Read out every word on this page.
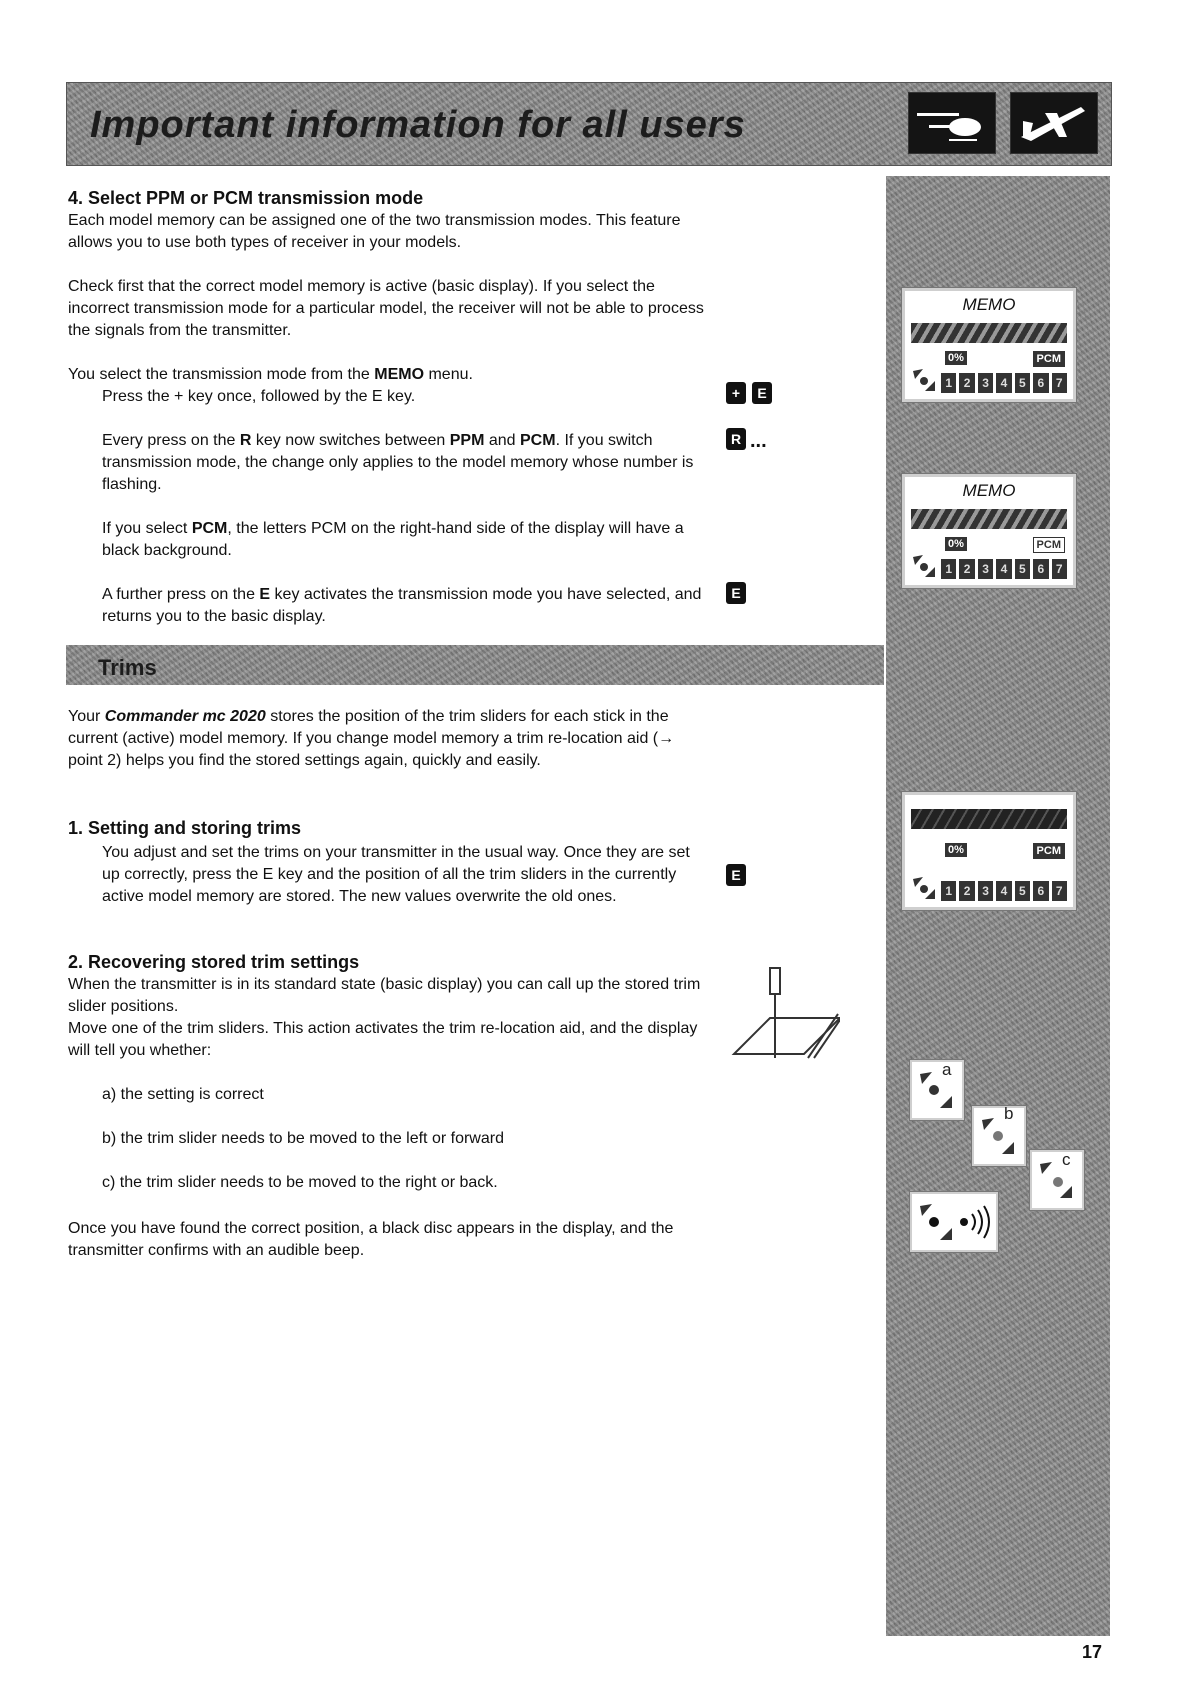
Important information for all users
4. Select PPM or PCM transmission mode

Each model memory can be assigned one of the two transmission modes. This feature allows you to use both types of receiver in your models.

Check first that the correct model memory is active (basic display). If you select the incorrect transmission mode for a particular model, the receiver will not be able to process the signals from the transmitter.

You select the transmission mode from the MEMO menu.

Press the + key once, followed by the E key.

Every press on the R key now switches between PPM and PCM. If you switch transmission mode, the change only applies to the model memory whose number is flashing.

If you select PCM, the letters PCM on the right-hand side of the display will have a black background.

A further press on the E key activates the transmission mode you have selected, and returns you to the basic display.

+	E
R ...
E
MEMO
0%	PCM
1 2 3 4 5 6 7
MEMO
0%	PCM
1 2 3 4 5 6 7
Trims

Your Commander mc 2020 stores the position of the trim sliders for each stick in the current (active) model memory. If you change model memory a trim re-location aid (→ point 2) helps you find the stored settings again, quickly and easily.

1. Setting and storing trims

You adjust and set the trims on your transmitter in the usual way. Once they are set up correctly, press the E key and the position of all the trim sliders in the currently active model memory are stored. The new values overwrite the old ones.

E
0%	PCM
1 2 3 4 5 6 7
2. Recovering stored trim settings

When the transmitter is in its standard state (basic display) you can call up the stored trim slider positions.

Move one of the trim sliders. This action activates the trim re-location aid, and the display will tell you whether:

a) the setting is correct

b) the trim slider needs to be moved to the left or forward

c) the trim slider needs to be moved to the right or back.

Once you have found the correct position, a black disc appears in the display, and the transmitter confirms with an audible beep.

a
b
c
17
